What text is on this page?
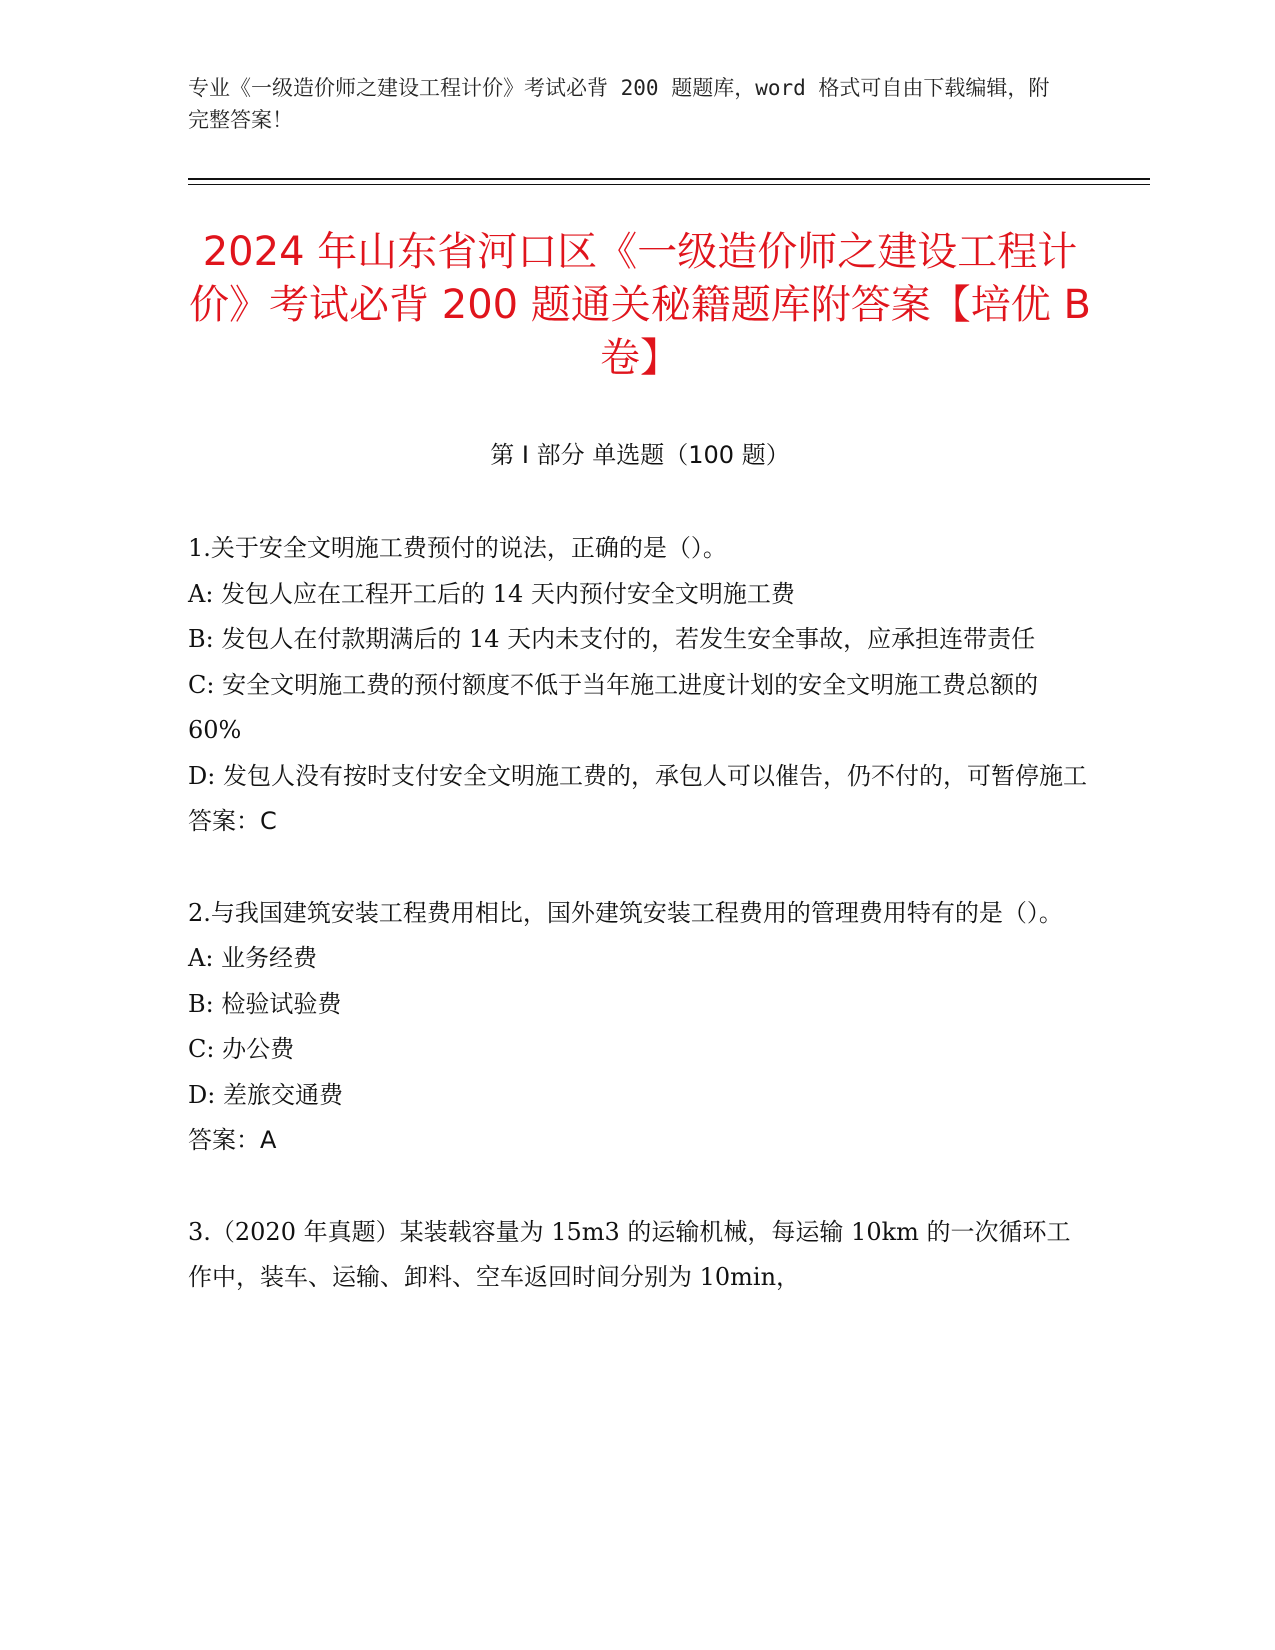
专业《一级造价师之建设工程计价》考试必背 200 题题库，word 格式可自由下载编辑，附完整答案！
2024 年山东省河口区《一级造价师之建设工程计价》考试必背 200 题通关秘籍题库附答案【培优 B 卷】
第 I 部分 单选题（100 题）

1.关于安全文明施工费预付的说法，正确的是（）。

A: 发包人应在工程开工后的 14 天内预付安全文明施工费

B: 发包人在付款期满后的 14 天内未支付的，若发生安全事故，应承担连带责任

C: 安全文明施工费的预付额度不低于当年施工进度计划的安全文明施工费总额的 60%

D: 发包人没有按时支付安全文明施工费的，承包人可以催告，仍不付的，可暂停施工

答案：C

2.与我国建筑安装工程费用相比，国外建筑安装工程费用的管理费用特有的是（）。

A: 业务经费

B: 检验试验费

C: 办公费

D: 差旅交通费

答案：A

3.（2020 年真题）某装载容量为 15m3 的运输机械，每运输 10km 的一次循环工作中，装车、运输、卸料、空车返回时间分别为 10min，
